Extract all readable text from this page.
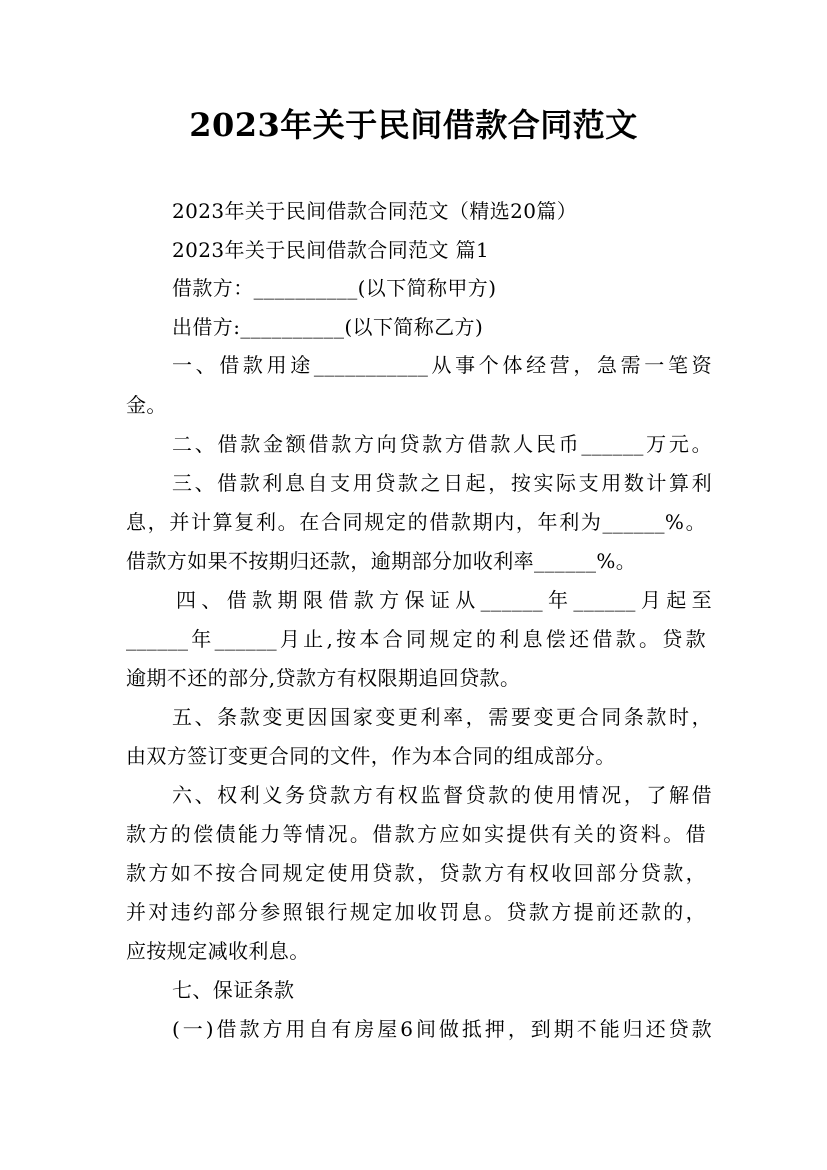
2023年关于民间借款合同范文
2023年关于民间借款合同范文（精选20篇）
2023年关于民间借款合同范文 篇1
借款方：__________(以下简称甲方)
出借方:__________(以下简称乙方)
一、借款用途___________从事个体经营，急需一笔资
金。
二、借款金额借款方向贷款方借款人民币______万元。
三、借款利息自支用贷款之日起，按实际支用数计算利
息，并计算复利。在合同规定的借款期内，年利为______%。
借款方如果不按期归还款，逾期部分加收利率______%。
四、借款期限借款方保证从______年______月起至
______年______月止,按本合同规定的利息偿还借款。贷款
逾期不还的部分,贷款方有权限期追回贷款。
五、条款变更因国家变更利率，需要变更合同条款时，
由双方签订变更合同的文件，作为本合同的组成部分。
六、权利义务贷款方有权监督贷款的使用情况，了解借
款方的偿债能力等情况。借款方应如实提供有关的资料。借
款方如不按合同规定使用贷款，贷款方有权收回部分贷款，
并对违约部分参照银行规定加收罚息。贷款方提前还款的，
应按规定减收利息。
七、保证条款
(一)借款方用自有房屋6间做抵押，到期不能归还贷款
